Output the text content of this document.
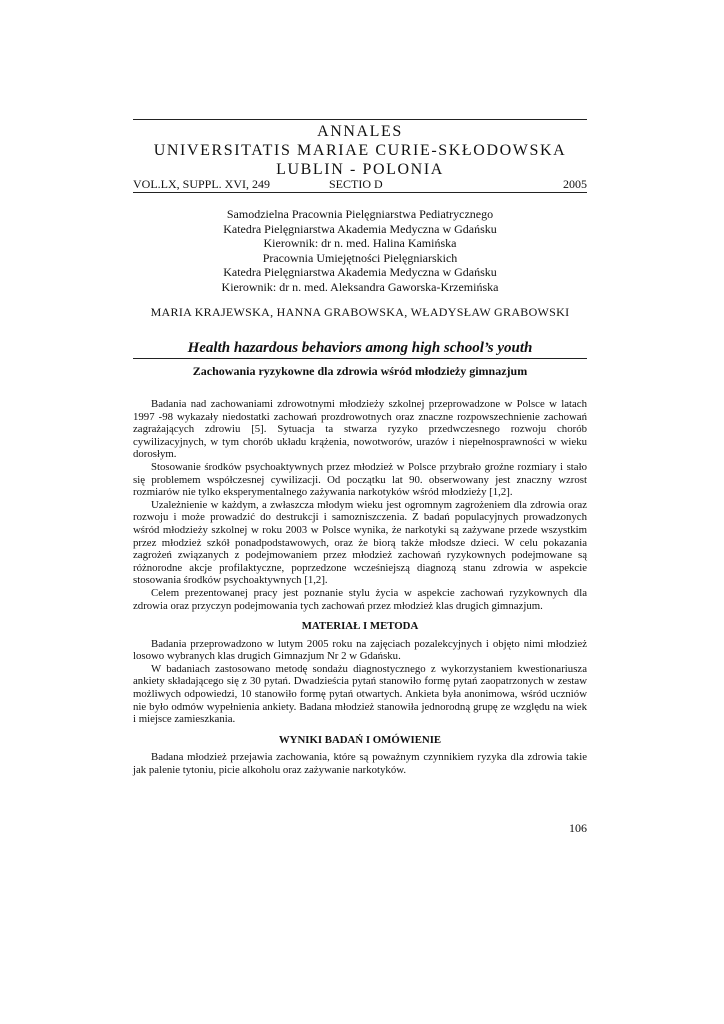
ANNALES
UNIVERSITATIS MARIAE CURIE-SKŁODOWSKA
LUBLIN - POLONIA
VOL.LX, SUPPL. XVI, 249	SECTIO D	2005
Samodzielna Pracownia Pielęgniarstwa Pediatrycznego
Katedra Pielęgniarstwa Akademia Medyczna w Gdańsku
Kierownik: dr n. med. Halina Kamińska
Pracownia Umiejętności Pielęgniarskich
Katedra Pielęgniarstwa Akademia Medyczna w Gdańsku
Kierownik: dr n. med. Aleksandra Gaworska-Krzemińska
MARIA KRAJEWSKA, HANNA GRABOWSKA, WŁADYSŁAW GRABOWSKI
Health hazardous behaviors among high school’s youth
Zachowania ryzykowne dla zdrowia wśród młodzieży gimnazjum

Badania nad zachowaniami zdrowotnymi młodzieży szkolnej przeprowadzone w Polsce w latach 1997 -98 wykazały niedostatki zachowań prozdrowotnych oraz znaczne rozpowszechnienie zachowań zagrażających zdrowiu [5]. Sytuacja ta stwarza ryzyko przedwczesnego rozwoju chorób cywilizacyjnych, w tym chorób układu krążenia, nowotworów, urazów i niepełnosprawności w wieku dorosłym.

Stosowanie środków psychoaktywnych przez młodzież w Polsce przybrało groźne rozmiary i stało się problemem współczesnej cywilizacji. Od początku lat 90. obserwowany jest znaczny wzrost rozmiarów nie tylko eksperymentalnego zażywania narkotyków wśród młodzieży [1,2].

Uzależnienie w każdym, a zwłaszcza młodym wieku jest ogromnym zagrożeniem dla zdrowia oraz rozwoju i może prowadzić do destrukcji i samozniszczenia. Z badań populacyjnych prowadzonych wśród młodzieży szkolnej w roku 2003 w Polsce wynika, że narkotyki są zażywane przede wszystkim przez młodzież szkół ponadpodstawowych, oraz że biorą także młodsze dzieci. W celu pokazania zagrożeń związanych z podejmowaniem przez młodzież zachowań ryzykownych podejmowane są różnorodne akcje profilaktyczne, poprzedzone wcześniejszą diagnozą stanu zdrowia w aspekcie stosowania środków psychoaktywnych [1,2].

Celem prezentowanej pracy jest poznanie stylu życia w aspekcie zachowań ryzykownych dla zdrowia oraz przyczyn podejmowania tych zachowań przez młodzież klas drugich gimnazjum.

MATERIAŁ I METODA

Badania przeprowadzono w lutym 2005 roku na zajęciach pozalekcyjnych i objęto nimi młodzież losowo wybranych klas drugich Gimnazjum Nr 2 w Gdańsku.

W badaniach zastosowano metodę sondażu diagnostycznego z wykorzystaniem kwestionariusza ankiety składającego się z 30 pytań. Dwadzieścia pytań stanowiło formę pytań zaopatrzonych w zestaw możliwych odpowiedzi, 10 stanowiło formę pytań otwartych. Ankieta była anonimowa, wśród uczniów nie było odmów wypełnienia ankiety. Badana młodzież stanowiła jednorodną grupę ze względu na wiek i miejsce zamieszkania.

WYNIKI BADAŃ I OMÓWIENIE

Badana młodzież przejawia zachowania, które są poważnym czynnikiem ryzyka dla zdrowia takie jak palenie tytoniu, picie alkoholu oraz zażywanie narkotyków.

106
